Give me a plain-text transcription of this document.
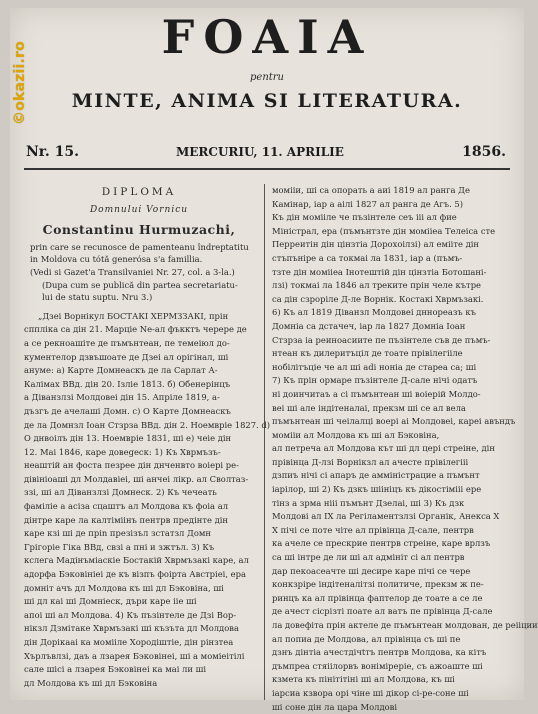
©okazii.ro
FOAIA
pentru
MINTE, ANIMA SI LITERATURA.
Nr. 15.	MERCURIU, 11. APRILIE	1856.
DIPLOMA
Domnului Vornicu
Constantinu Hurmuzachi,
prin care se recunosce de pamenteanu îndreptatitu
in Moldova cu tótă generósa s'a famillia.
(Vedi si Gazet'a Transilvaniei Nr. 27, col. a 3-la.)
(Dupa cum se publică din partea secretariatu-
lui de statu suptu. Nru 3.)
„Дзеi Ворнiкул БОСТАКI ХЕРМЗЗАКI, прiн
спплiка са дiн 21. Марцiе Ne-ал фъкктъ чepepe дe
а се рекноашiте де пъмънтеан, пе темеiюл до-
кументелор дзвъшоате де Дзеi ал оpiгiнал, шi
ануме: а) Карте Домнеаскъ де ла Сарлат А-
Калiмах ВВд. дiн 20. Iзлiе 1813. б) Обенерiнцъ
а Дiванзлзi Молдовеi дiн 15. Апрiле 1819, а-
дъзгъ де ачелашi Домн. с) О Карте Домнеаскъ
де ла Домнзл Iоан Стзрза ВВд. дiн 2. Ноемвpie 1827. d)
О днвоiлъ дiн 13. Ноемвpie 1831, шi е) чеie дiн
12. Маi 1846, каре довеgeск: 1) Къ Хврмъзъ-
неаштiй ан фоста пeзpee дiн днченвто воiepi ре-
дiвiнiоaшi дл Молдавiеi, шi анчеi лiкр. ал Сволтаз-
ззi, шi ал Дiванзлзi Домнеск. 2) Къ чечеать
фамiлiе а асiза сцаштъ ал Молдова къ фоiа ал
дiнтре каре ла калтiмiiнъ пентрв пpедiнте дiн
каре кзi шi де прin пpезiзъл зcтатзл Домн
Грiгоpie Гiка ВВд, свзi а пнi и зжтъл. 3) Къ
кслега Мадiнъмiаскiе Бостакiй Хврмъзакi каре, ал
адорфа Бэковiнiеi де къ вiзпъ фоiрта Австрiеi, ера
домнiт ачъ дл Молдова къ шi дл Бэковiна, шi
шi дл каi шi Домнiеск, дъpи каре iiе шi
апоi шi ал Молдова. 4) Къ пъзiнтeле де Дзi Вор-
нiкзл Дзмiтаке Хврмъзакi шi къзътa дл Молдова
дiн Дорiкааi ка момiiле Хородiштiе, дiн рiнзтеа
Хърлъвлзi, даъ а лзарея Бэковiнеi, шi а момiеiтiлi
сале шiсi а лзарея Бэковiнеi ка маi ли шi
дл Молдова къ шi дл Бэковiна
момiiи, шi са опорать а аиi 1819 ал ранга Де
Камiнар, iар а аiлi 1827 ал ранга де Aгъ. 5)
Къ дiн момiiле че пъзiнтеле сeъ iii ал фие
Мiнiстрал, ера (пъмънтзте дiн момiiеа Телеica сте
Пеpреитiн дiн цiнзтiа Дороxоiлзi) ал eмiiте дiн
стъпънiре а са токмаi ла 1831, iар а (пъмъ-
тзте дiн момiiеа Iнотештiй дiн цiнзтiа Ботошанi-
лзi) токмаi ла 1846 ал треките прiн челе кътрe
са дiн сзрорiле Д-ле Ворнiк. Костакi Хврмъзакi.
6) Къ ал 1819 Дiванзл Молдовеi дннореазъ къ
Домнiа сa дстачеч, iар ла 1827 Домнiа Iоан
Стзрза iа реиноасиите пе пъзiнтеле съв де пъмъ-
нтеан къ дилеритъцiл де тоате прiвiлeгiiле
нобiлiтъцiе че ал шi adi нонiа де старea са; шi
7) Къ прiн ормаре пъзiнтеле Д-сале нiчi одатъ
нi доинчитаъ а ci пъмънтеан шi воiерiй Молдо-
веi шi але iндiтеналаi, прекзм шi се ал вела
пъмънтеан шi чеiлалцi воерi аi Молдовеi, кареi авъндъ
момiiи ал Молдова къ шi ал Бэковiна,
ал петреча ал Молдова кът шi дл цеpi стреiне, дiн
прiвiнца Д-лзi Ворнiкзл ал ачесте прiвiлeгiii
дзпиъ нiчi сi апаpъ де аммiнiстрацие а пъмънт
iарiлор, шi 2) Къ дзкъ шiiнiцъ къ дiкостiмiii ере
тiнз а зрма нiii пъмънт Дзелаi, шi 3) Къ дзк
Молдовi ал IX ла Рeгiламентзлзi Органiк, Анекса X
Х пiчi се поте чiте ал прiвiнца Д-сале, пентрв
ка ачеле се прескрие пентрв стрeiне, каре врлзъ
ca шi iнтре де ли шi ал адмiнiт сi ал пентрв
дар пекоасеачте шi десире каре пiчi се чере
конкзрiре iндiтеналiтзi политиче, прекзм ж пе-
ринцъ ка ал прiвiнца фаптелор де тоате а се ле
де ачест сiсрiзтi поате ал ватъ пе прiвiнца Д-сале
ла довефiта прiн актеле де пъмънтеан молдован, де реiiции
ал попиа де Молдова, ал прiвiнца съ шi пe
дзнъ дiнтiа ачестдiчtтъ пентрв Молдова, ка кiтъ
дъмпреа стяiiлорвъ вонiмiрерiе, съ ажоаште шi
кзметa къ пiнiтiтiнi шi ал Молдова, къ шi
iарсиа кзвора орi чiне шi дiкор сi-ре-соне шi
шi соне дiн ла цара Молдовi
